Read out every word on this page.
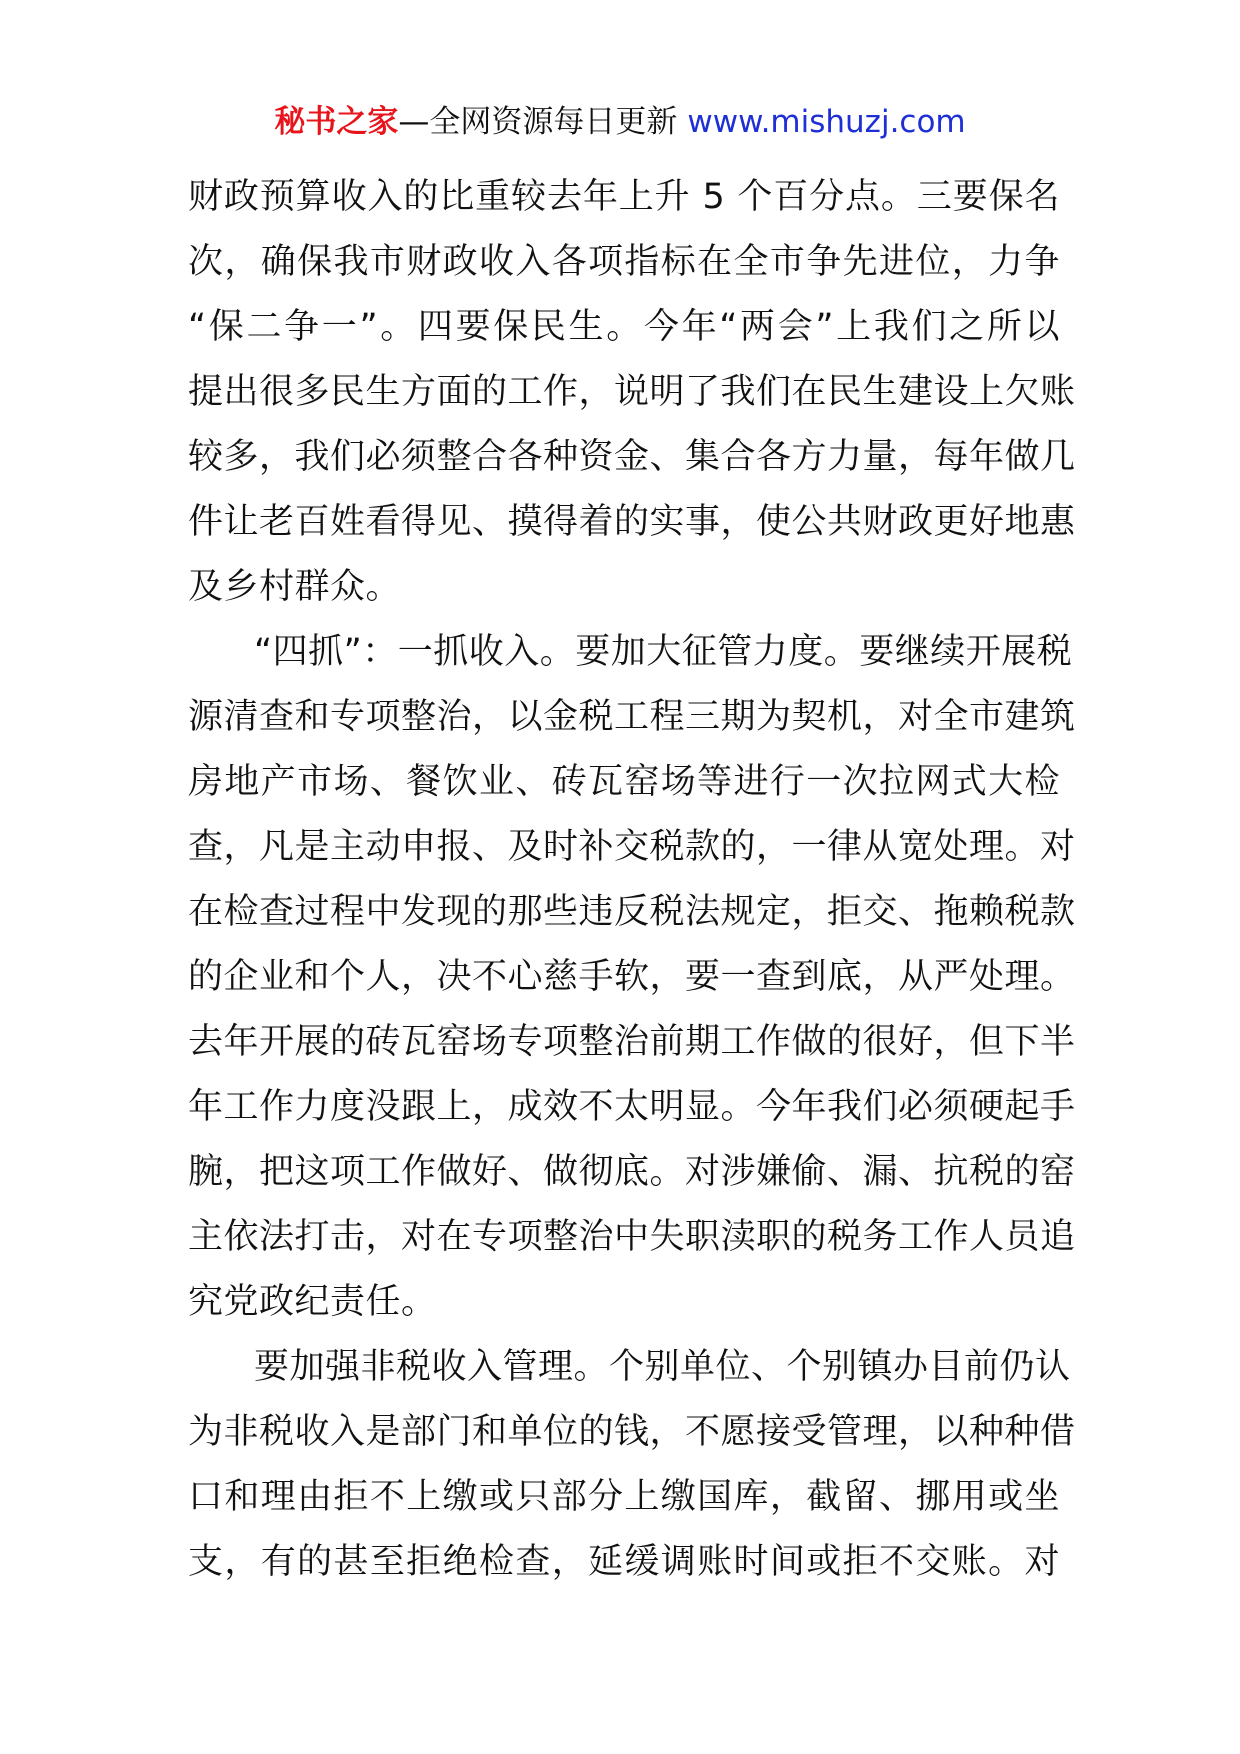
秘书之家—全网资源每日更新 www.mishuzj.com
财政预算收入的比重较去年上升 5 个百分点。三要保名
次，确保我市财政收入各项指标在全市争先进位，力争
“保二争一”。四要保民生。今年“两会”上我们之所以
提出很多民生方面的工作，说明了我们在民生建设上欠账
较多，我们必须整合各种资金、集合各方力量，每年做几
件让老百姓看得见、摸得着的实事，使公共财政更好地惠
及乡村群众。
“四抓”：一抓收入。要加大征管力度。要继续开展税
源清查和专项整治，以金税工程三期为契机，对全市建筑
房地产市场、餐饮业、砖瓦窑场等进行一次拉网式大检
查，凡是主动申报、及时补交税款的，一律从宽处理。对
在检查过程中发现的那些违反税法规定，拒交、拖赖税款
的企业和个人，决不心慈手软，要一查到底，从严处理。
去年开展的砖瓦窑场专项整治前期工作做的很好，但下半
年工作力度没跟上，成效不太明显。今年我们必须硬起手
腕，把这项工作做好、做彻底。对涉嫌偷、漏、抗税的窑
主依法打击，对在专项整治中失职渎职的税务工作人员追
究党政纪责任。
要加强非税收入管理。个别单位、个别镇办目前仍认
为非税收入是部门和单位的钱，不愿接受管理，以种种借
口和理由拒不上缴或只部分上缴国库，截留、挪用或坐
支，有的甚至拒绝检查，延缓调账时间或拒不交账。对
